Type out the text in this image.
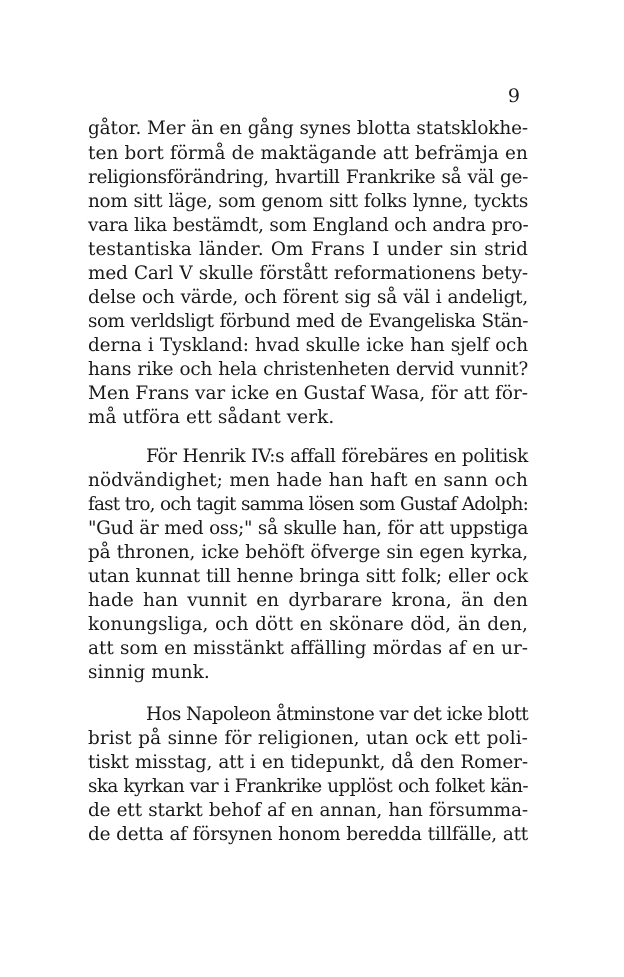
9
gåtor. Mer än en gång synes blotta statsklokhe-
ten bort förmå de maktägande att befrämja en
religionsförändring, hvartill Frankrike så väl ge-
nom sitt läge, som genom sitt folks lynne, tyckts
vara lika bestämdt, som England och andra pro-
testantiska länder. Om Frans I under sin strid
med Carl V skulle förstått reformationens bety-
delse och värde, och förent sig så väl i andeligt,
som verldsligt förbund med de Evangeliska Stän-
derna i Tyskland: hvad skulle icke han sjelf och
hans rike och hela christenheten dervid vunnit?
Men Frans var icke en Gustaf Wasa, för att för-
må utföra ett sådant verk.
För Henrik IV:s affall förebäres en politisk
nödvändighet; men hade han haft en sann och
fast tro, och tagit samma lösen som Gustaf Adolph:
"Gud är med oss;" så skulle han, för att uppstiga
på thronen, icke behöft öfverge sin egen kyrka,
utan kunnat till henne bringa sitt folk; eller ock
hade han vunnit en dyrbarare krona, än den
konungsliga, och dött en skönare död, än den,
att som en misstänkt affälling mördas af en ur-
sinnig munk.
Hos Napoleon åtminstone var det icke blott
brist på sinne för religionen, utan ock ett poli-
tiskt misstag, att i en tidepunkt, då den Romer-
ska kyrkan var i Frankrike upplöst och folket kän-
de ett starkt behof af en annan, han försumma-
de detta af försynen honom beredda tillfälle, att
